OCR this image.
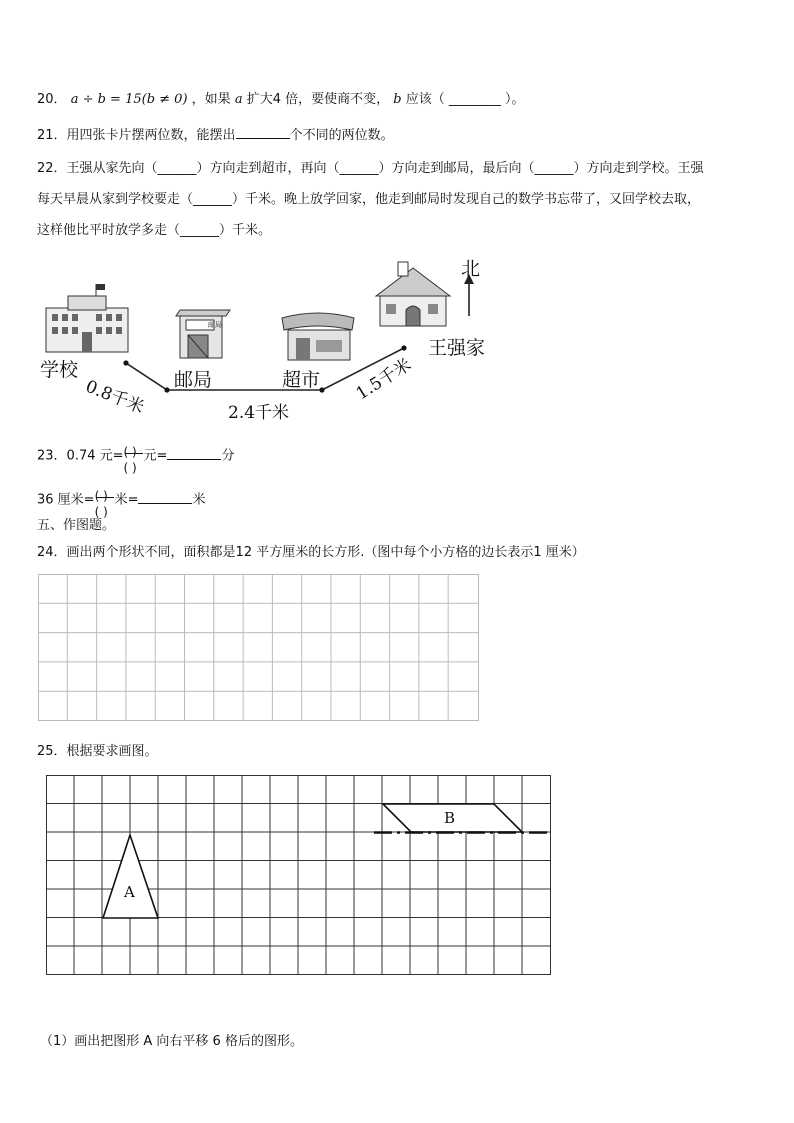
20． a ÷ b = 15(b ≠ 0) ，如果 a 扩大4 倍，要使商不变， b 应该（ ________ ）。
21．用四张卡片摆两位数，能摆出	个不同的两位数。
22．王强从家先向（______）方向走到超市，再向（______）方向走到邮局，最后向（______）方向走到学校。王强
每天早晨从家到学校要走（______）千米。晚上放学回家，他走到邮局时发现自己的数学书忘带了，又回学校去取，
这样他比平时放学多走（______）千米。
学校	邮局	超市
王强家
北
邮局
0.8千米	2.4千米
1.5千米
23．0.74 元= ( )
( )
元=	分
36 厘米= ( )
( )
米=	米
五、作图题。
24．画出两个形状不同，面积都是12 平方厘米的长方形.（图中每个小方格的边长表示1 厘米）
25．根据要求画图。
A
B
（1）画出把图形 A 向右平移 6 格后的图形。
